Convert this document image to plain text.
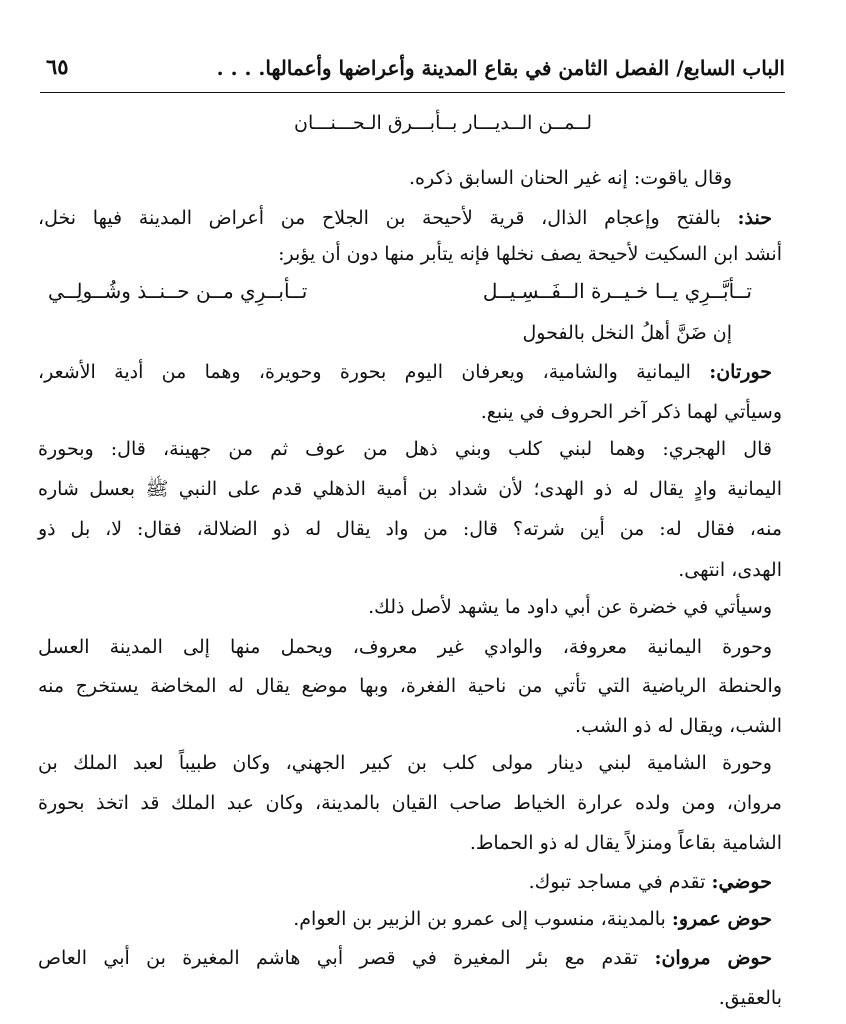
الباب السابع/ الفصل الثامن في بقاع المدينة وأعراضها وأعمالها. . . .
٦٥
لــمــن الــديـــار بــأبـــرق الـحـــنـــان
وقال ياقوت: إنه غير الحنان السابق ذكره.
حنذ: بالفتح وإعجام الذال، قرية لأحيحة بن الجلاح من أعراض المدينة فيها نخل،
أنشد ابن السكيت لأحيحة يصف نخلها فإنه يتأبر منها دون أن يؤبر:
تــأبَّــرِي يــا خـيــرة الــفَــسِـيــل
تــأبــرِي مــن حــنــذ وشُــولِــي
إن ضَنَّ أهلُ النخل بالفحول
حورتان: اليمانية والشامية، ويعرفان اليوم بحورة وحويرة، وهما من أدية الأشعر،
وسيأتي لهما ذكر آخر الحروف في ينبع.
قال الهجري: وهما لبني كلب وبني ذهل من عوف ثم من جهينة، قال: وبحورة
اليمانية وادٍ يقال له ذو الهدى؛ لأن شداد بن أمية الذهلي قدم على النبي ﷺ بعسل شاره
منه، فقال له: من أين شرته؟ قال: من واد يقال له ذو الضلالة، فقال: لا، بل ذو
الهدى، انتهى.
وسيأتي في خضرة عن أبي داود ما يشهد لأصل ذلك.
وحورة اليمانية معروفة، والوادي غير معروف، ويحمل منها إلى المدينة العسل
والحنطة الرياضية التي تأتي من ناحية الفغرة، وبها موضع يقال له المخاضة يستخرج منه
الشب، ويقال له ذو الشب.
وحورة الشامية لبني دينار مولى كلب بن كبير الجهني، وكان طبيباً لعبد الملك بن
مروان، ومن ولده عرارة الخياط صاحب القيان بالمدينة، وكان عبد الملك قد اتخذ بحورة
الشامية بقاعاً ومنزلاً يقال له ذو الحماط.
حوضي: تقدم في مساجد تبوك.
حوض عمرو: بالمدينة، منسوب إلى عمرو بن الزبير بن العوام.
حوض مروان: تقدم مع بئر المغيرة في قصر أبي هاشم المغيرة بن أبي العاص
بالعقيق.
